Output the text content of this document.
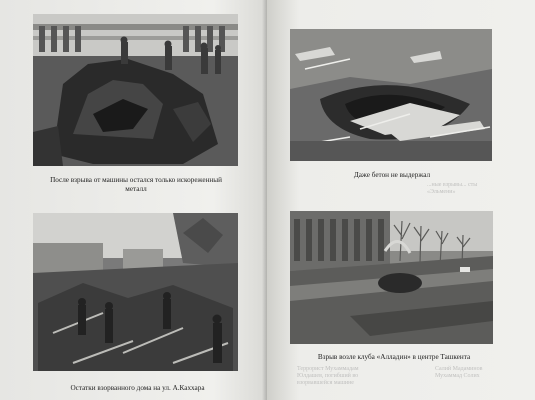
После взрыва от машины остался только искореженный металл
Остатки взорванного дома на ул. А.Каххара
...ные взрывы... сты
«Эльмени»
Террорист Мухаммадам
Юлдашев, погибший во
взорвавшейся машине
Салий Мадаминов
Мухаммад Солих
Даже бетон не выдержал
Взрыв возле клуба «Алладин» в центре Ташкента
